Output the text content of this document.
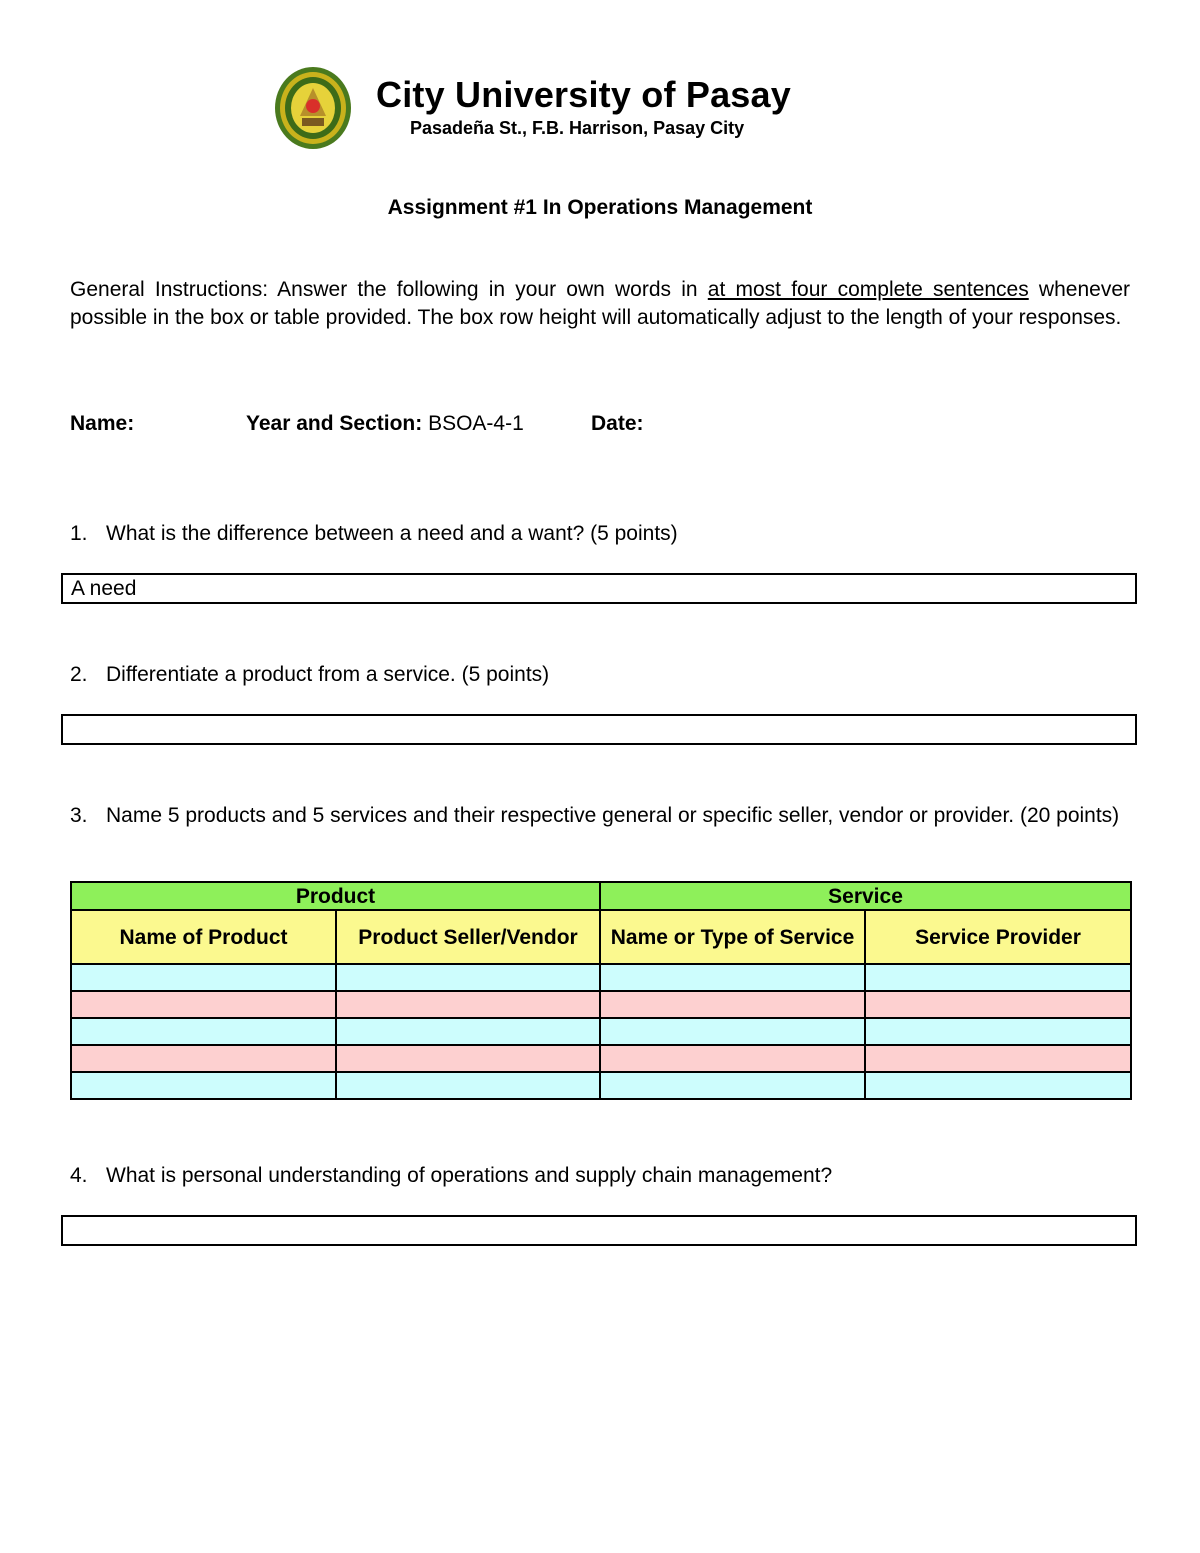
City University of Pasay
Pasadeña St., F.B. Harrison, Pasay City
Assignment #1 In Operations Management
General Instructions: Answer the following in your own words in at most four complete sentences whenever possible in the box or table provided. The box row height will automatically adjust to the length of your responses.
Name:	Year and Section: BSOA-4-1	Date:
1. What is the difference between a need and a want? (5 points)
A need
2. Differentiate a product from a service. (5 points)
3. Name 5 products and 5 services and their respective general or specific seller, vendor or provider. (20 points)
Product		Service	
Name of Product	Product Seller/Vendor	Name or Type of Service	Service Provider

4. What is personal understanding of operations and supply chain management?
